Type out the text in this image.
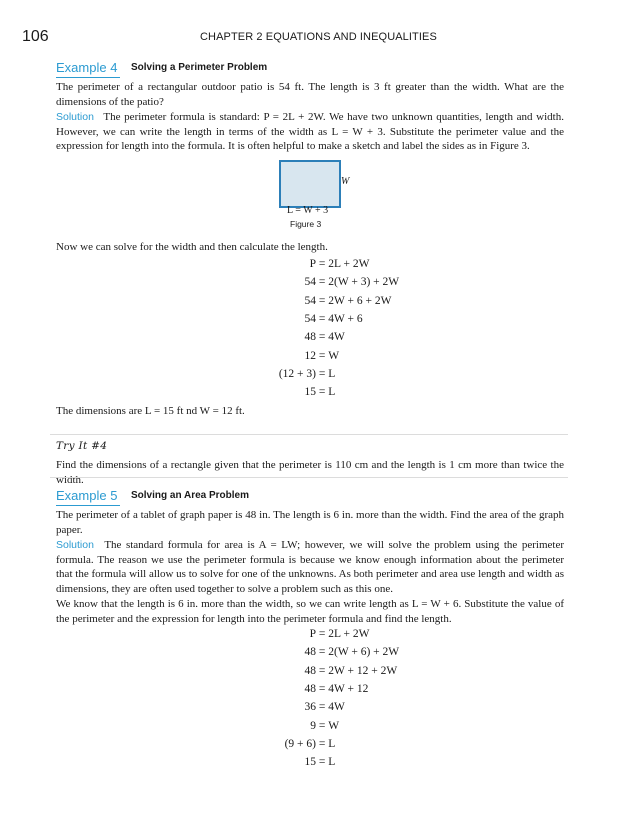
106	CHAPTER 2 EQUATIONS AND INEQUALITIES
Example 4 Solving a Perimeter Problem
The perimeter of a rectangular outdoor patio is 54 ft. The length is 3 ft greater than the width. What are the dimensions of the patio?
Solution The perimeter formula is standard: P = 2L + 2W. We have two unknown quantities, length and width. However, we can write the length in terms of the width as L = W + 3. Substitute the perimeter value and the expression for length into the formula. It is often helpful to make a sketch and label the sides as in Figure 3.
W
L = W + 3
Figure 3
Now we can solve for the width and then calculate the length.
P = 2L + 2W
54 = 2(W + 3) + 2W
54 = 2W + 6 + 2W
54 = 4W + 6
48 = 4W
12 = W
(12 + 3) = L
15 = L
The dimensions are L = 15 ft nd W = 12 ft.
Try It #4
Find the dimensions of a rectangle given that the perimeter is 110 cm and the length is 1 cm more than twice the width.
Example 5 Solving an Area Problem
The perimeter of a tablet of graph paper is 48 in. The length is 6 in. more than the width. Find the area of the graph paper.
Solution The standard formula for area is A = LW; however, we will solve the problem using the perimeter formula. The reason we use the perimeter formula is because we know enough information about the perimeter that the formula will allow us to solve for one of the unknowns. As both perimeter and area use length and width as dimensions, they are often used together to solve a problem such as this one.
We know that the length is 6 in. more than the width, so we can write length as L = W + 6. Substitute the value of the perimeter and the expression for length into the perimeter formula and find the length.
P = 2L + 2W
48 = 2(W + 6) + 2W
48 = 2W + 12 + 2W
48 = 4W + 12
36 = 4W
9 = W
(9 + 6) = L
15 = L
